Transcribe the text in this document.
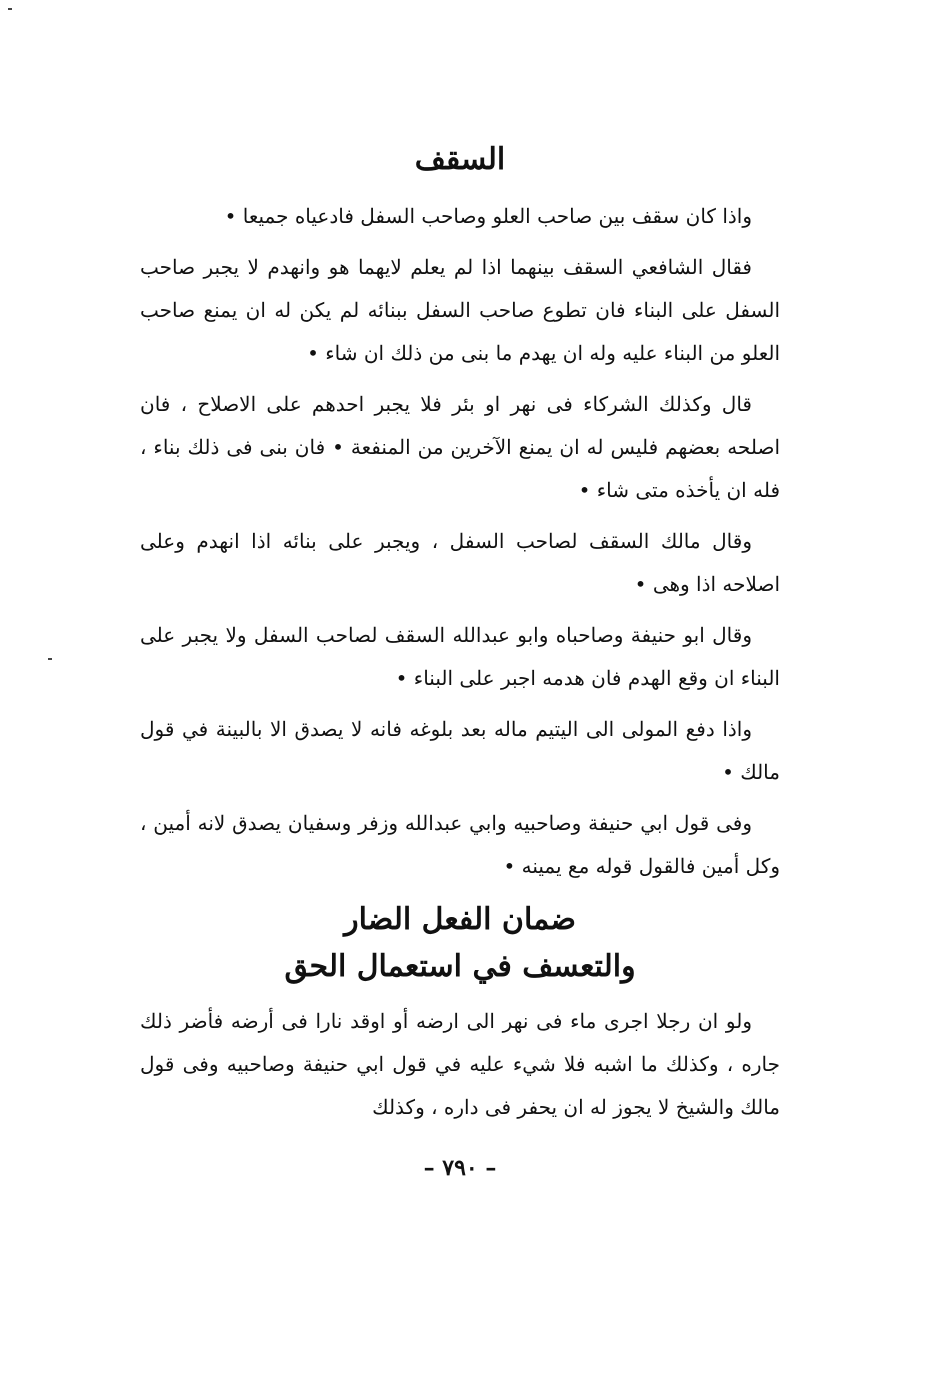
السقف

واذا كان سقف بين صاحب العلو وصاحب السفل فادعياه جميعا •

فقال الشافعي السقف بينهما اذا لم يعلم لايهما هو وانهدم لا يجبر صاحب السفل على البناء فان تطوع صاحب السفل ببنائه لم يكن له ان يمنع صاحب العلو من البناء عليه وله ان يهدم ما بنى من ذلك ان شاء •

قال وكذلك الشركاء فى نهر او بئر فلا يجبر احدهم على الاصلاح ، فان اصلحه بعضهم فليس له ان يمنع الآخرين من المنفعة • فان بنى فى ذلك بناء ، فله ان يأخذه متى شاء •

وقال مالك السقف لصاحب السفل ، ويجبر على بنائه اذا انهدم وعلى اصلاحه اذا وهى •

وقال ابو حنيفة وصاحباه وابو عبدالله السقف لصاحب السفل ولا يجبر على البناء ان وقع الهدم فان هدمه اجبر على البناء •

واذا دفع المولى الى اليتيم ماله بعد بلوغه فانه لا يصدق الا بالبينة في قول مالك •

وفى قول ابي حنيفة وصاحبيه وابي عبدالله وزفر وسفيان يصدق لانه أمين ، وكل أمين فالقول قوله مع يمينه •

ضمان الفعل الضار
والتعسف في استعمال الحق

ولو ان رجلا اجرى ماء فى نهر الى ارضه أو اوقد نارا فى أرضه فأضر ذلك جاره ، وكذلك ما اشبه فلا شيء عليه في قول ابي حنيفة وصاحبيه وفى قول مالك والشيخ لا يجوز له ان يحفر فى داره ، وكذلك

– ٧٩٠ –
